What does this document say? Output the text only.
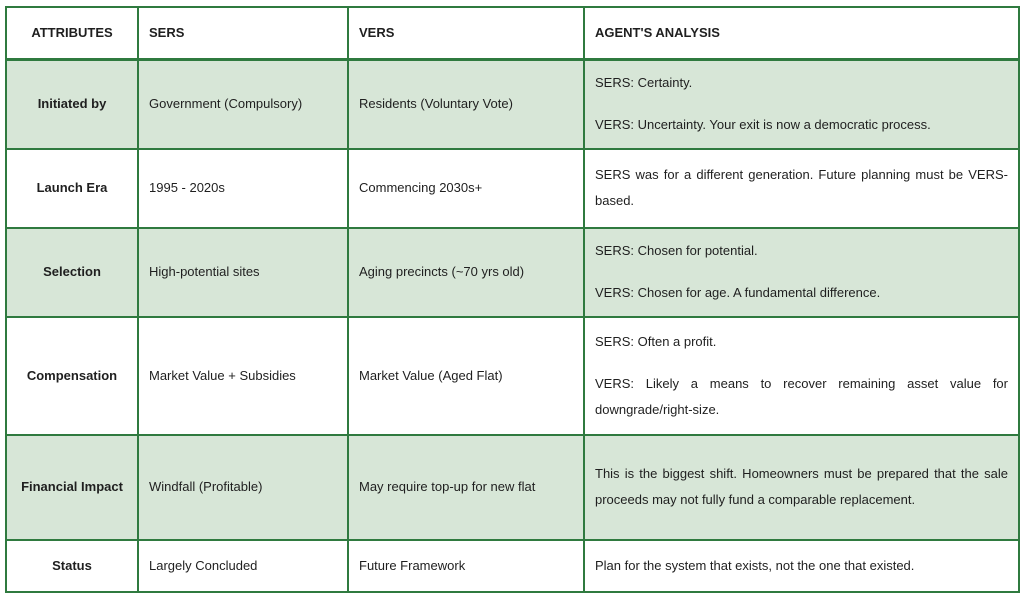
ATTRIBUTES	SERS	VERS	AGENT'S ANALYSIS
Initiated by	Government (Compulsory)	Residents (Voluntary Vote)	SERS: Certainty.

VERS: Uncertainty. Your exit is now a democratic process.

Launch Era	1995 - 2020s	Commencing 2030s+	SERS was for a different generation. Future planning must be VERS-based.

Selection	High-potential sites	Aging precincts (~70 yrs old)	SERS: Chosen for potential.

VERS: Chosen for age. A fundamental difference.

Compensation	Market Value + Subsidies	Market Value (Aged Flat)	SERS: Often a profit.

VERS: Likely a means to recover remaining asset value for downgrade/right-size.

Financial Impact	Windfall (Profitable)	May require top-up for new flat	This is the biggest shift. Homeowners must be prepared that the sale proceeds may not fully fund a comparable replacement.

Status	Largely Concluded	Future Framework	Plan for the system that exists, not the one that existed.
